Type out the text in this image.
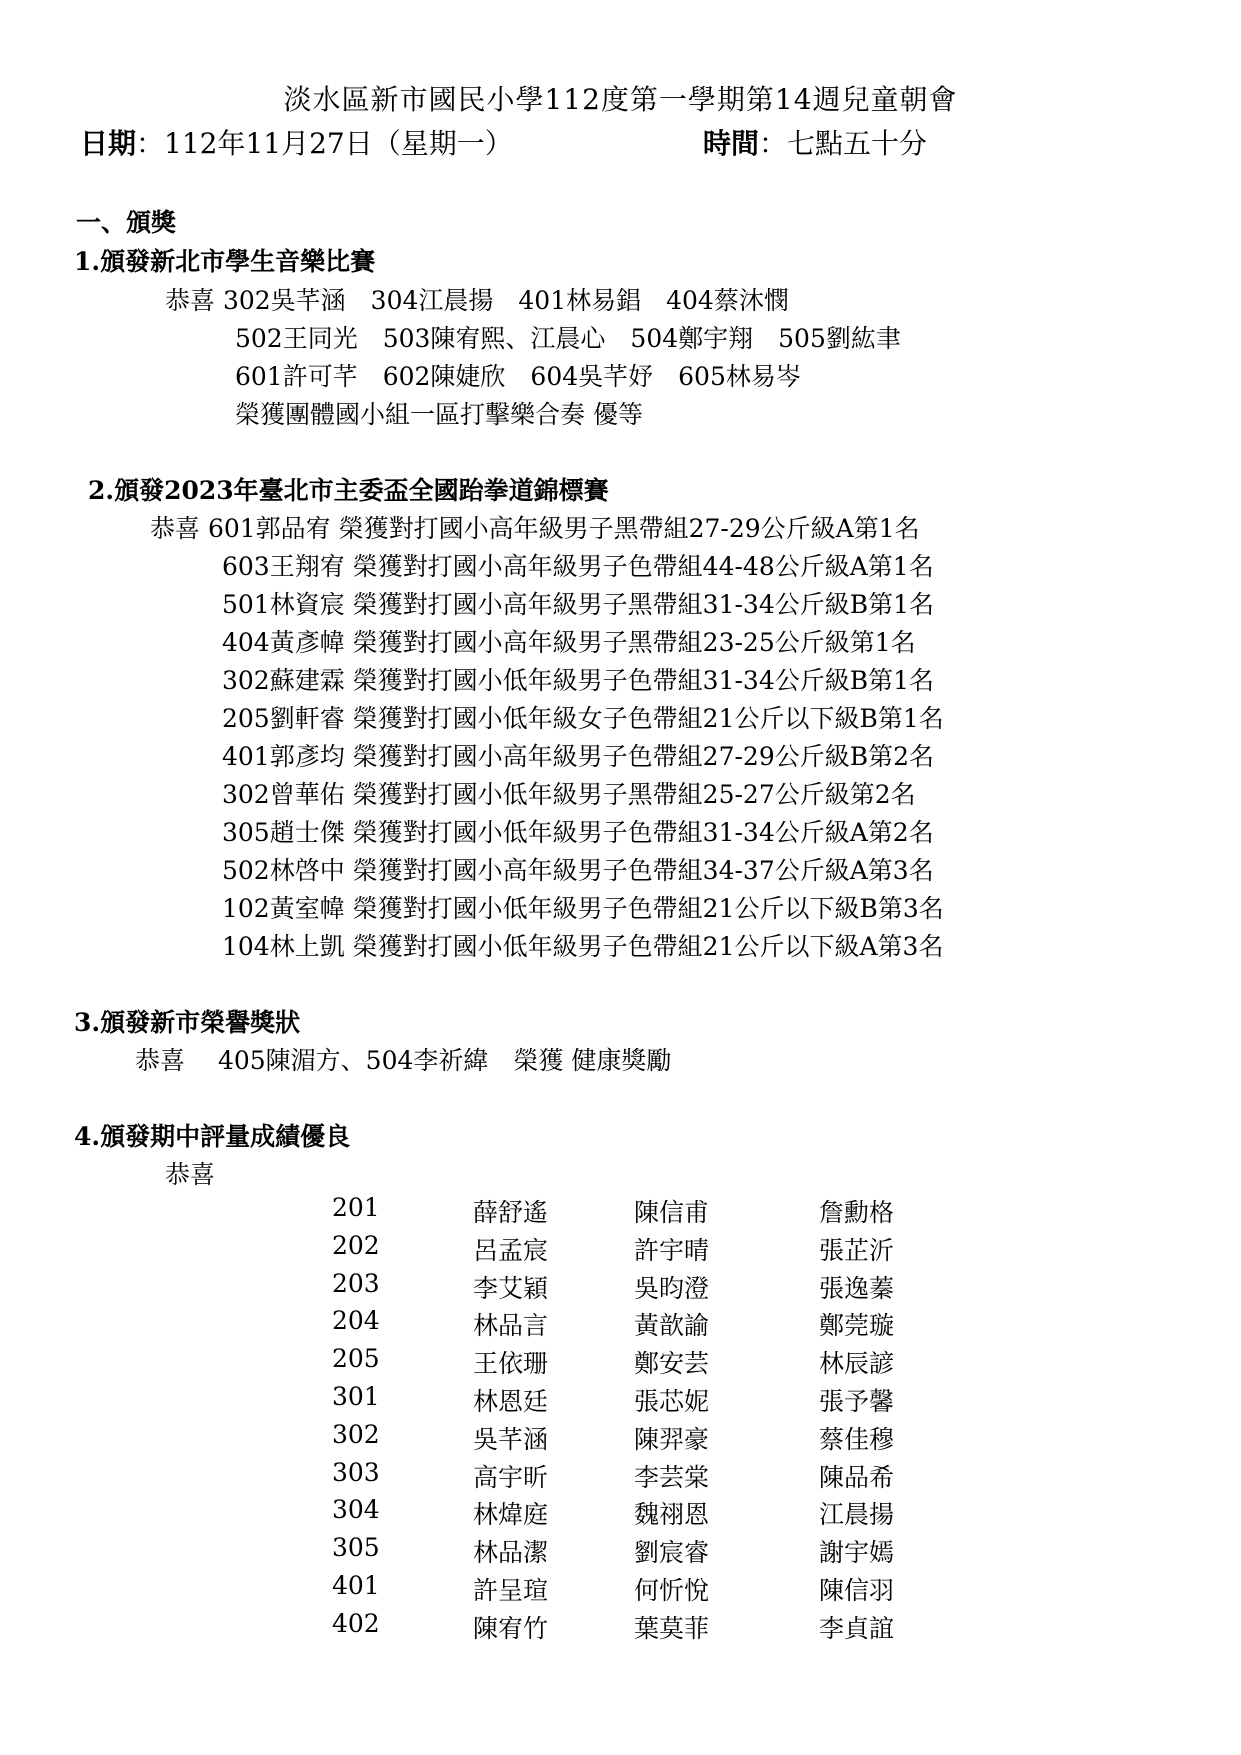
淡水區新市國民小學112度第一學期第14週兒童朝會
日期：112年11月27日（星期一）	時間：七點五十分
一、頒獎
1.頒發新北市學生音樂比賽
恭喜 302吳芊涵　304江晨揚　401林易錩　404蔡沐憫
502王同光　503陳宥熙、江晨心　504鄭宇翔　505劉紘聿
601許可芊　602陳婕欣　604吳芊妤　605林易岑
榮獲團體國小組一區打擊樂合奏 優等
2.頒發2023年臺北市主委盃全國跆拳道錦標賽
恭喜 601郭品宥 榮獲對打國小高年級男子黑帶組27-29公斤級A第1名
603王翔宥 榮獲對打國小高年級男子色帶組44-48公斤級A第1名
501林資宸 榮獲對打國小高年級男子黑帶組31-34公斤級B第1名
404黃彥幃 榮獲對打國小高年級男子黑帶組23-25公斤級第1名
302蘇建霖 榮獲對打國小低年級男子色帶組31-34公斤級B第1名
205劉軒睿 榮獲對打國小低年級女子色帶組21公斤以下級B第1名
401郭彥均 榮獲對打國小高年級男子色帶組27-29公斤級B第2名
302曾華佑 榮獲對打國小低年級男子黑帶組25-27公斤級第2名
305趙士傑 榮獲對打國小低年級男子色帶組31-34公斤級A第2名
502林啓中 榮獲對打國小高年級男子色帶組34-37公斤級A第3名
102黃室幃 榮獲對打國小低年級男子色帶組21公斤以下級B第3名
104林上凱 榮獲對打國小低年級男子色帶組21公斤以下級A第3名
3.頒發新市榮譽獎狀
恭喜　 405陳湄方、504李祈緯　榮獲 健康獎勵
4.頒發期中評量成績優良
恭喜
201	薛舒遙	陳信甫	詹勳格
202	呂孟宸	許宇晴	張芷沂
203	李艾穎	吳昀澄	張逸蓁
204	林品言	黃歆諭	鄭莞璇
205	王依珊	鄭安芸	林辰諺
301	林恩廷	張芯妮	張予馨
302	吳芊涵	陳羿豪	蔡佳穆
303	高宇昕	李芸棠	陳品希
304	林煒庭	魏祤恩	江晨揚
305	林品潔	劉宸睿	謝宇嫣
401	許呈瑄	何忻悅	陳信羽
402	陳宥竹	葉莫菲	李貞誼
